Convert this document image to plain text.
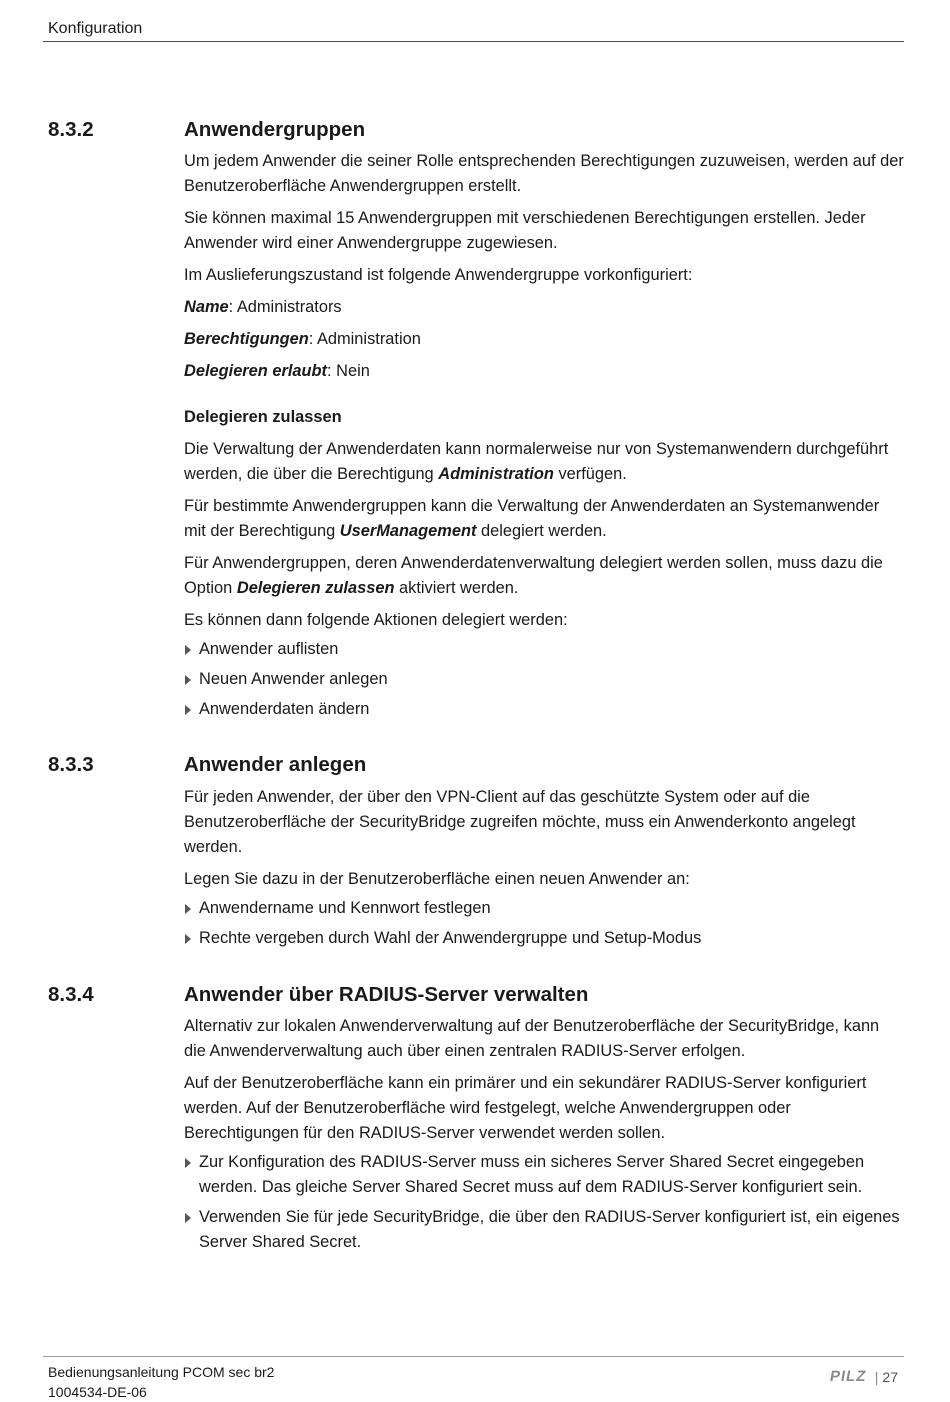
Konfiguration
8.3.2	Anwendergruppen

Um jedem Anwender die seiner Rolle entsprechenden Berechtigungen zuzuweisen, werden auf der Benutzeroberfläche Anwendergruppen erstellt.

Sie können maximal 15 Anwendergruppen mit verschiedenen Berechtigungen erstellen. Jeder Anwender wird einer Anwendergruppe zugewiesen.

Im Auslieferungszustand ist folgende Anwendergruppe vorkonfiguriert:

Name: Administrators

Berechtigungen: Administration

Delegieren erlaubt: Nein

Delegieren zulassen

Die Verwaltung der Anwenderdaten kann normalerweise nur von Systemanwendern durchgeführt werden, die über die Berechtigung Administration verfügen.

Für bestimmte Anwendergruppen kann die Verwaltung der Anwenderdaten an Systemanwender mit der Berechtigung UserManagement delegiert werden.

Für Anwendergruppen, deren Anwenderdatenverwaltung delegiert werden sollen, muss dazu die Option Delegieren zulassen aktiviert werden.

Es können dann folgende Aktionen delegiert werden:

Anwender auflisten
Neuen Anwender anlegen
Anwenderdaten ändern
8.3.3	Anwender anlegen

Für jeden Anwender, der über den VPN-Client auf das geschützte System oder auf die Benutzeroberfläche der SecurityBridge zugreifen möchte, muss ein Anwenderkonto angelegt werden.

Legen Sie dazu in der Benutzeroberfläche einen neuen Anwender an:

Anwendername und Kennwort festlegen
Rechte vergeben durch Wahl der Anwendergruppe und Setup-Modus
8.3.4	Anwender über RADIUS-Server verwalten

Alternativ zur lokalen Anwenderverwaltung auf der Benutzeroberfläche der SecurityBridge, kann die Anwenderverwaltung auch über einen zentralen RADIUS-Server erfolgen.

Auf der Benutzeroberfläche kann ein primärer und ein sekundärer RADIUS-Server konfiguriert werden. Auf der Benutzeroberfläche wird festgelegt, welche Anwendergruppen oder Berechtigungen für den RADIUS-Server verwendet werden sollen.

Zur Konfiguration des RADIUS-Server muss ein sicheres Server Shared Secret eingegeben werden. Das gleiche Server Shared Secret muss auf dem RADIUS-Server konfiguriert sein.
Verwenden Sie für jede SecurityBridge, die über den RADIUS-Server konfiguriert ist, ein eigenes Server Shared Secret.
Bedienungsanleitung PCOM sec br2
1004534-DE-06
PILZ | 27
